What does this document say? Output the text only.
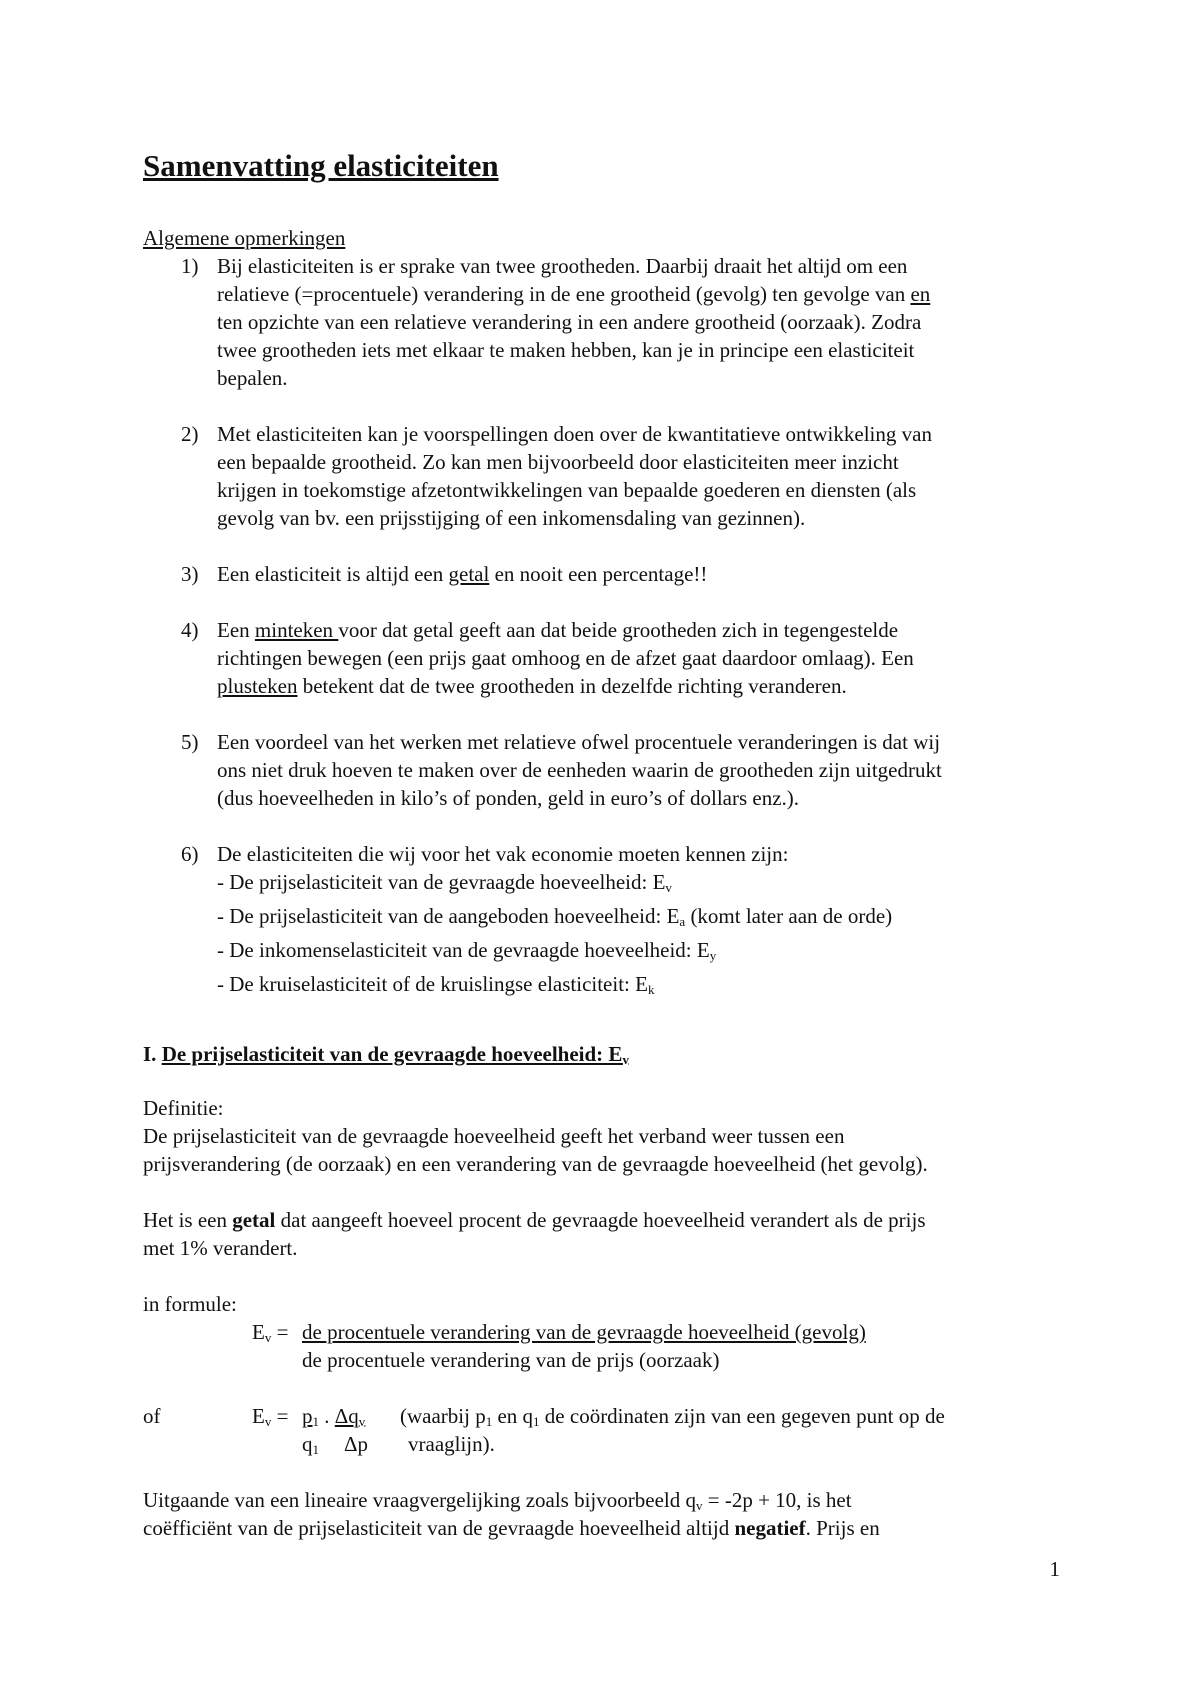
Samenvatting elasticiteiten
Algemene opmerkingen
1) Bij elasticiteiten is er sprake van twee grootheden. Daarbij draait het altijd om een
relatieve (=procentuele) verandering in de ene grootheid (gevolg) ten gevolge van en
ten opzichte van een relatieve verandering in een andere grootheid (oorzaak). Zodra
twee grootheden iets met elkaar te maken hebben, kan je in principe een elasticiteit
bepalen.
2) Met elasticiteiten kan je voorspellingen doen over de kwantitatieve ontwikkeling van
een bepaalde grootheid. Zo kan men bijvoorbeeld door elasticiteiten meer inzicht
krijgen in toekomstige afzetontwikkelingen van bepaalde goederen en diensten (als
gevolg van bv. een prijsstijging of een inkomensdaling van gezinnen).
3) Een elasticiteit is altijd een getal en nooit een percentage!!
4) Een minteken voor dat getal geeft aan dat beide grootheden zich in tegengestelde
richtingen bewegen (een prijs gaat omhoog en de afzet gaat daardoor omlaag). Een
plusteken betekent dat de twee grootheden in dezelfde richting veranderen.
5) Een voordeel van het werken met relatieve ofwel procentuele veranderingen is dat wij
ons niet druk hoeven te maken over de eenheden waarin de grootheden zijn uitgedrukt
(dus hoeveelheden in kilo’s of ponden, geld in euro’s of dollars enz.).
6) De elasticiteiten die wij voor het vak economie moeten kennen zijn:
- De prijselasticiteit van de gevraagde hoeveelheid: $E_v$
- De prijselasticiteit van de aangeboden hoeveelheid: $E_a$ (komt later aan de orde)
- De inkomenselasticiteit van de gevraagde hoeveelheid: $E_y$
- De kruiselasticiteit of de kruislingse elasticiteit: $E_k$
I. De prijselasticiteit van de gevraagde hoeveelheid: $E_v$
Definitie:
De prijselasticiteit van de gevraagde hoeveelheid geeft het verband weer tussen een
prijsverandering (de oorzaak) en een verandering van de gevraagde hoeveelheid (het gevolg).
Het is een getal dat aangeeft hoeveel procent de gevraagde hoeveelheid verandert als de prijs
met 1% verandert.
in formule:
$E_v$ = de procentuele verandering van de gevraagde hoeveelheid (gevolg)
de procentuele verandering van de prijs (oorzaak)
of	$E_v = p_1$ . $\Delta q_v$ (waarbij $p_1$ en $q_1$ de coördinaten zijn van een gegeven punt op de
$q_1$ Δp vraaglijn).
Uitgaande van een lineaire vraagvergelijking zoals bijvoorbeeld $q_v = -2p + 10$, is het
coëfficiënt van de prijselasticiteit van de gevraagde hoeveelheid altijd negatief. Prijs en
1
